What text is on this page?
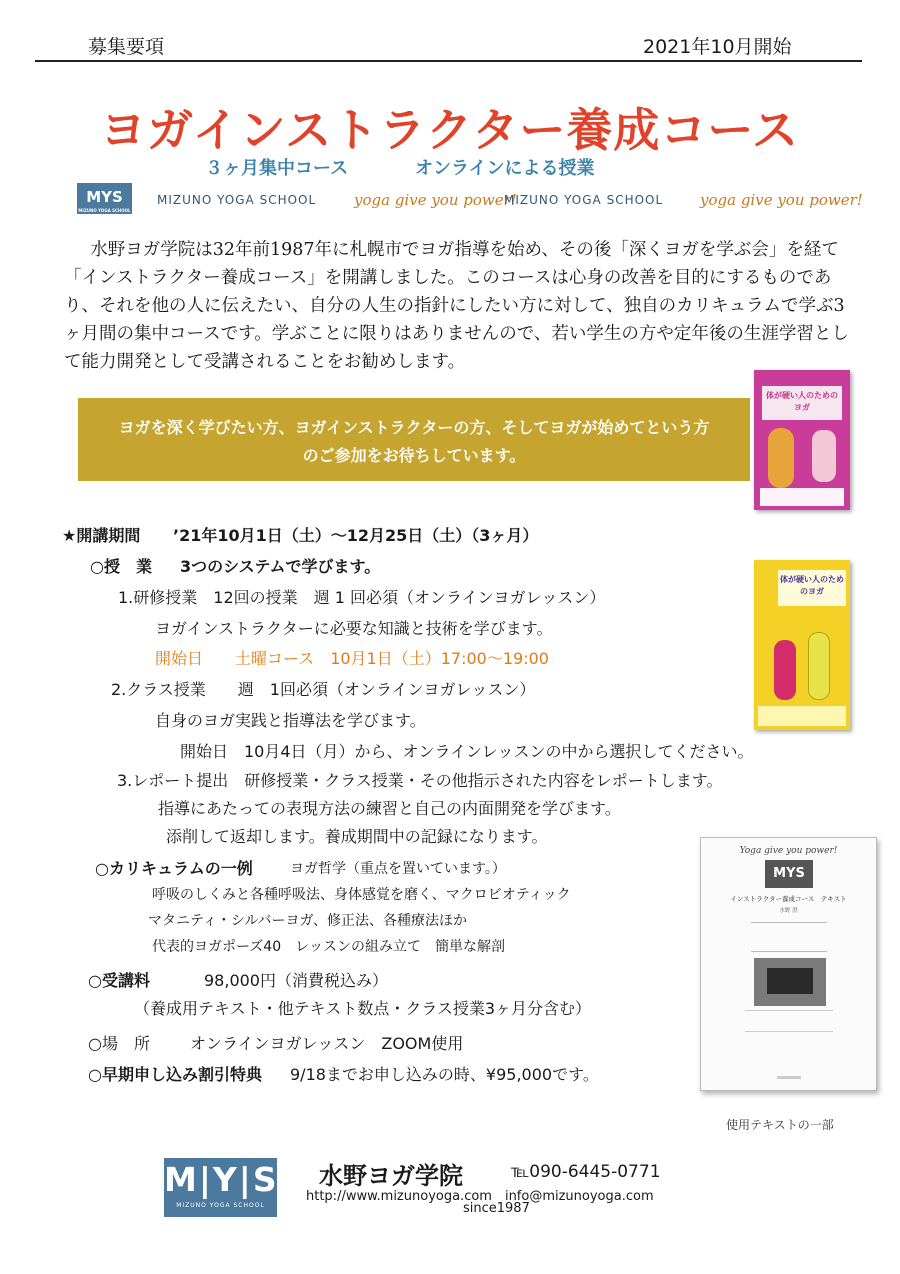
募集要項	2021年10月開始
ヨガインストラクター養成コース
３ヶ月集中コース	オンラインによる授業
MYS
MIZUNO YOGA SCHOOL
MIZUNO YOGA SCHOOL	yoga give you power!
MIZUNO YOGA SCHOOL yoga give you power!

水野ヨガ学院は32年前1987年に札幌市でヨガ指導を始め、その後「深くヨガを学ぶ会」を経て「インストラクター養成コース」を開講しました。このコースは心身の改善を目的にするものであり、それを他の人に伝えたい、自分の人生の指針にしたい方に対して、独自のカリキュラムで学ぶ3ヶ月間の集中コースです。学ぶことに限りはありませんので、若い学生の方や定年後の生涯学習として能力開発として受講されることをお勧めします。

ヨガを深く学びたい方、ヨガインストラクターの方、そしてヨガが始めてという方
のご参加をお待ちしています。
体が硬い人のためのヨガ
体が硬い人のためのヨガ
Yoga give you power!
MYS
インストラクター養成コース　テキスト
水野 澄
使用テキストの一部
★開講期間 ’21年10月1日（土）〜12月25日（土）（3ヶ月）
○授　業 3つのシステムで学びます。
1.研修授業　12回の授業　週 1 回必須（オンラインヨガレッスン）
ヨガインストラクターに必要な知識と技術を学びます。
開始日　　土曜コース　10月1日（土）17:00〜19:00
2.クラス授業　　週　1回必須（オンラインヨガレッスン）
自身のヨガ実践と指導法を学びます。
開始日　10月4日（月）から、オンラインレッスンの中から選択してください。
3.レポート提出　研修授業・クラス授業・その他指示された内容をレポートします。
指導にあたっての表現方法の練習と自己の内面開発を学びます。
添削して返却します。養成期間中の記録になります。
○カリキュラムの一例	ヨガ哲学（重点を置いています。）
呼吸のしくみと各種呼吸法、身体感覚を磨く、マクロビオティック
マタニティ・シルバーヨガ、修正法、各種療法ほか
代表的ヨガポーズ40　レッスンの組み立て　簡単な解剖
○受講料	98,000円（消費税込み）
（養成用テキスト・他テキスト数点・クラス授業3ヶ月分含む）
○場　所	オンラインヨガレッスン　ZOOM使用
○早期申し込み割引特典 9/18までお申し込みの時、¥95,000です。
M|Y|S
MIZUNO YOGA SCHOOL
水野ヨガ学院	℡090-6445-0771
http://www.mizunoyoga.com　info@mizunoyoga.com
since1987
